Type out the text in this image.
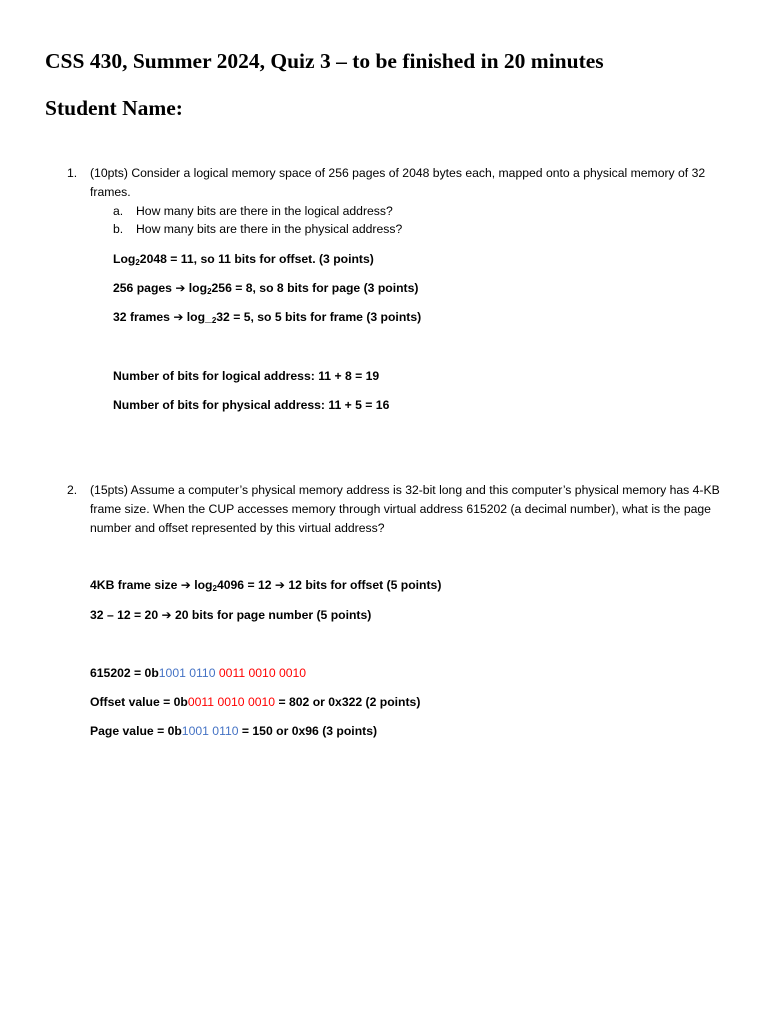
CSS 430, Summer 2024, Quiz 3 – to be finished in 20 minutes
Student Name:
1. (10pts) Consider a logical memory space of 256 pages of 2048 bytes each, mapped onto a physical memory of 32 frames.
a. How many bits are there in the logical address?
b. How many bits are there in the physical address?
Log22048 = 11, so 11 bits for offset. (3 points)
256 pages ➔ log2256 = 8, so 8 bits for page (3 points)
32 frames ➔ log_232 = 5, so 5 bits for frame (3 points)
Number of bits for logical address: 11 + 8 = 19
Number of bits for physical address: 11 + 5 = 16
2. (15pts) Assume a computer’s physical memory address is 32-bit long and this computer’s physical memory has 4-KB frame size. When the CUP accesses memory through virtual address 615202 (a decimal number), what is the page number and offset represented by this virtual address?
4KB frame size ➔ log24096 = 12 ➔ 12 bits for offset (5 points)
32 – 12 = 20 ➔ 20 bits for page number (5 points)
615202 = 0b1001 0110 0011 0010 0010
Offset value = 0b0011 0010 0010 = 802 or 0x322 (2 points)
Page value = 0b1001 0110 = 150 or 0x96 (3 points)
